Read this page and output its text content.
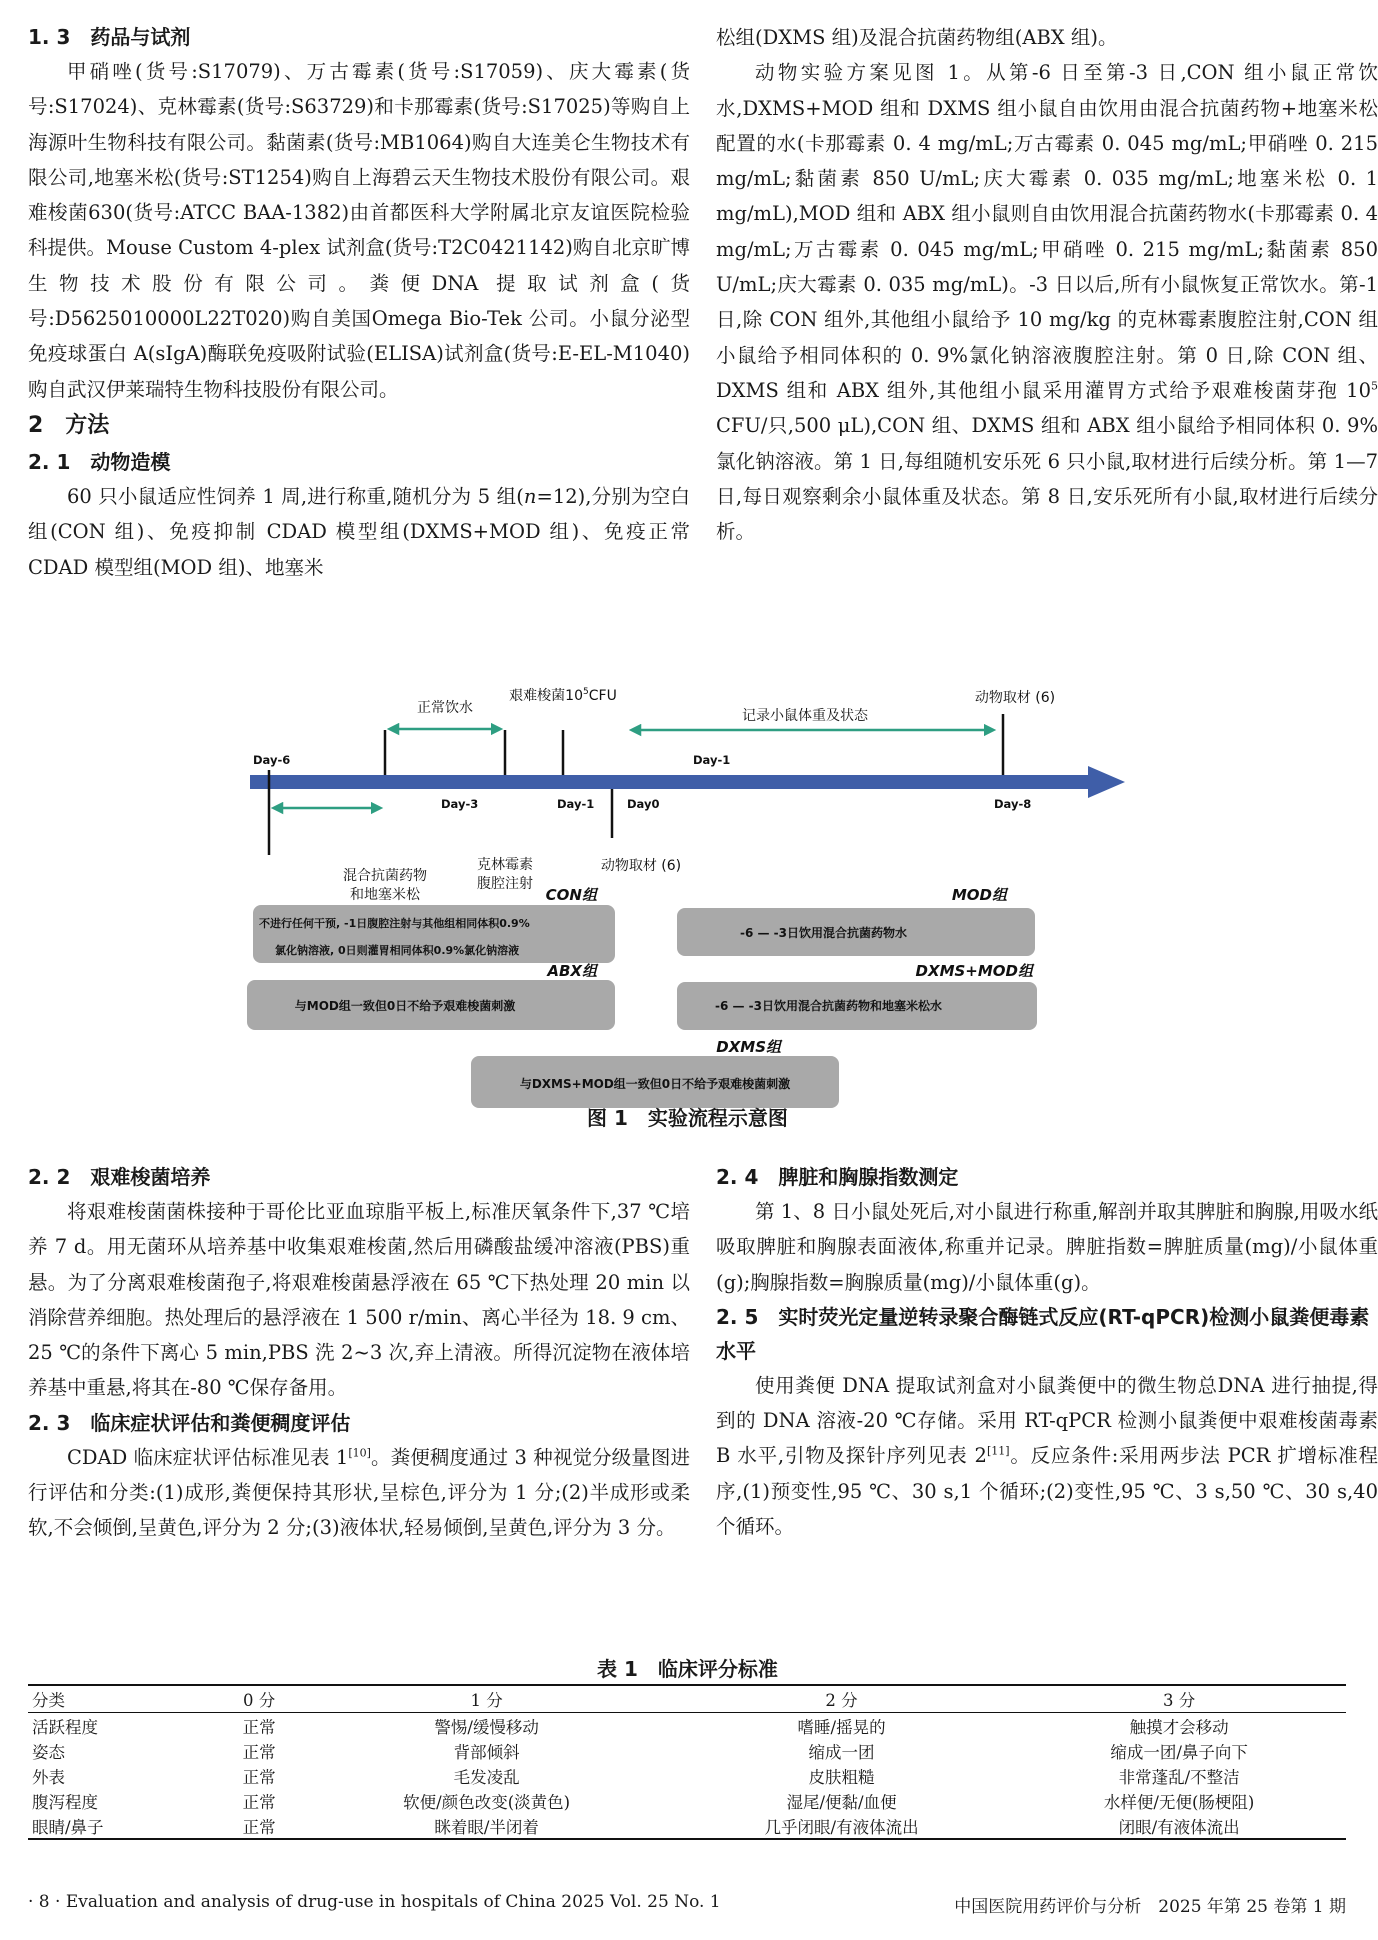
1. 3　药品与试剂

甲硝唑(货号:S17079)、万古霉素(货号:S17059)、庆大霉素(货号:S17024)、克林霉素(货号:S63729)和卡那霉素(货号:S17025)等购自上海源叶生物科技有限公司。黏菌素(货号:MB1064)购自大连美仑生物技术有限公司,地塞米松(货号:ST1254)购自上海碧云天生物技术股份有限公司。艰难梭菌630(货号:ATCC BAA-1382)由首都医科大学附属北京友谊医院检验科提供。Mouse Custom 4-plex 试剂盒(货号:T2C0421142)购自北京旷博生物技术股份有限公司。粪便DNA 提取试剂盒(货号:D5625010000L22T020)购自美国Omega Bio-Tek 公司。小鼠分泌型免疫球蛋白 A(sIgA)酶联免疫吸附试验(ELISA)试剂盒(货号:E-EL-M1040)购自武汉伊莱瑞特生物科技股份有限公司。

2　方法

2. 1　动物造模

60 只小鼠适应性饲养 1 周,进行称重,随机分为 5 组(n=12),分别为空白组(CON 组)、免疫抑制 CDAD 模型组(DXMS+MOD 组)、免疫正常 CDAD 模型组(MOD 组)、地塞米

松组(DXMS 组)及混合抗菌药物组(ABX 组)。

动物实验方案见图 1。从第-6 日至第-3 日,CON 组小鼠正常饮水,DXMS+MOD 组和 DXMS 组小鼠自由饮用由混合抗菌药物+地塞米松配置的水(卡那霉素 0. 4 mg/mL;万古霉素 0. 045 mg/mL;甲硝唑 0. 215 mg/mL;黏菌素 850 U/mL;庆大霉素 0. 035 mg/mL;地塞米松 0. 1 mg/mL),MOD 组和 ABX 组小鼠则自由饮用混合抗菌药物水(卡那霉素 0. 4 mg/mL;万古霉素 0. 045 mg/mL;甲硝唑 0. 215 mg/mL;黏菌素 850 U/mL;庆大霉素 0. 035 mg/mL)。-3 日以后,所有小鼠恢复正常饮水。第-1 日,除 CON 组外,其他组小鼠给予 10 mg/kg 的克林霉素腹腔注射,CON 组小鼠给予相同体积的 0. 9%氯化钠溶液腹腔注射。第 0 日,除 CON 组、DXMS 组和 ABX 组外,其他组小鼠采用灌胃方式给予艰难梭菌芽孢 $10^5$ CFU/只,500 μL),CON 组、DXMS 组和 ABX 组小鼠给予相同体积 0. 9%氯化钠溶液。第 1 日,每组随机安乐死 6 只小鼠,取材进行后续分析。第 1—7 日,每日观察剩余小鼠体重及状态。第 8 日,安乐死所有小鼠,取材进行后续分析。

正常饮水
艰难梭菌$10^5CFU$
记录小鼠体重及状态
动物取材 (6)
混合抗菌药物
和地塞米松
克林霉素
腹腔注射
动物取材 (6)
Day-6
Day-3	Day-1	Day0
Day-1
Day-8
CON组
不进行任何干预, -1日腹腔注射与其他组相同体积0.9%
氯化钠溶液, 0日则灌胃相同体积0.9%氯化钠溶液
MOD组
-6 — -3日饮用混合抗菌药物水
ABX组
与MOD组一致但0日不给予艰难梭菌刺激
DXMS+MOD组
-6 — -3日饮用混合抗菌药物和地塞米松水
DXMS组
与DXMS+MOD组一致但0日不给予艰难梭菌刺激
图 1　实验流程示意图

2. 2　艰难梭菌培养

将艰难梭菌菌株接种于哥伦比亚血琼脂平板上,标准厌氧条件下,37 ℃培养 7 d。用无菌环从培养基中收集艰难梭菌,然后用磷酸盐缓冲溶液(PBS)重悬。为了分离艰难梭菌孢子,将艰难梭菌悬浮液在 65 ℃下热处理 20 min 以消除营养细胞。热处理后的悬浮液在 1 500 r/min、离心半径为 18. 9 cm、25 ℃的条件下离心 5 min,PBS 洗 2~3 次,弃上清液。所得沉淀物在液体培养基中重悬,将其在-80 ℃保存备用。

2. 3　临床症状评估和粪便稠度评估

CDAD 临床症状评估标准见表 1[10]。粪便稠度通过 3 种视觉分级量图进行评估和分类:(1)成形,粪便保持其形状,呈棕色,评分为 1 分;(2)半成形或柔软,不会倾倒,呈黄色,评分为 2 分;(3)液体状,轻易倾倒,呈黄色,评分为 3 分。

2. 4　脾脏和胸腺指数测定

第 1、8 日小鼠处死后,对小鼠进行称重,解剖并取其脾脏和胸腺,用吸水纸吸取脾脏和胸腺表面液体,称重并记录。脾脏指数=脾脏质量(mg)/小鼠体重(g);胸腺指数=胸腺质量(mg)/小鼠体重(g)。

2. 5　实时荧光定量逆转录聚合酶链式反应(RT-qPCR)检测小鼠粪便毒素水平

使用粪便 DNA 提取试剂盒对小鼠粪便中的微生物总DNA 进行抽提,得到的 DNA 溶液-20 ℃存储。采用 RT-qPCR 检测小鼠粪便中艰难梭菌毒素 B 水平,引物及探针序列见表 2[11]。反应条件:采用两步法 PCR 扩增标准程序,(1)预变性,95 ℃、30 s,1 个循环;(2)变性,95 ℃、3 s,50 ℃、30 s,40 个循环。

表 1　临床评分标准
分类	0 分	1 分	2 分	3 分
活跃程度	正常	警惕/缓慢移动	嗜睡/摇晃的	触摸才会移动
姿态	正常	背部倾斜	缩成一团	缩成一团/鼻子向下
外表	正常	毛发凌乱	皮肤粗糙	非常蓬乱/不整洁
腹泻程度	正常	软便/颜色改变(淡黄色)	湿尾/便黏/血便	水样便/无便(肠梗阻)
眼睛/鼻子	正常	眯着眼/半闭着	几乎闭眼/有液体流出	闭眼/有液体流出
· 8 · Evaluation and analysis of drug-use in hospitals of China 2025 Vol. 25 No. 1	中国医院用药评价与分析　2025 年第 25 卷第 1 期
